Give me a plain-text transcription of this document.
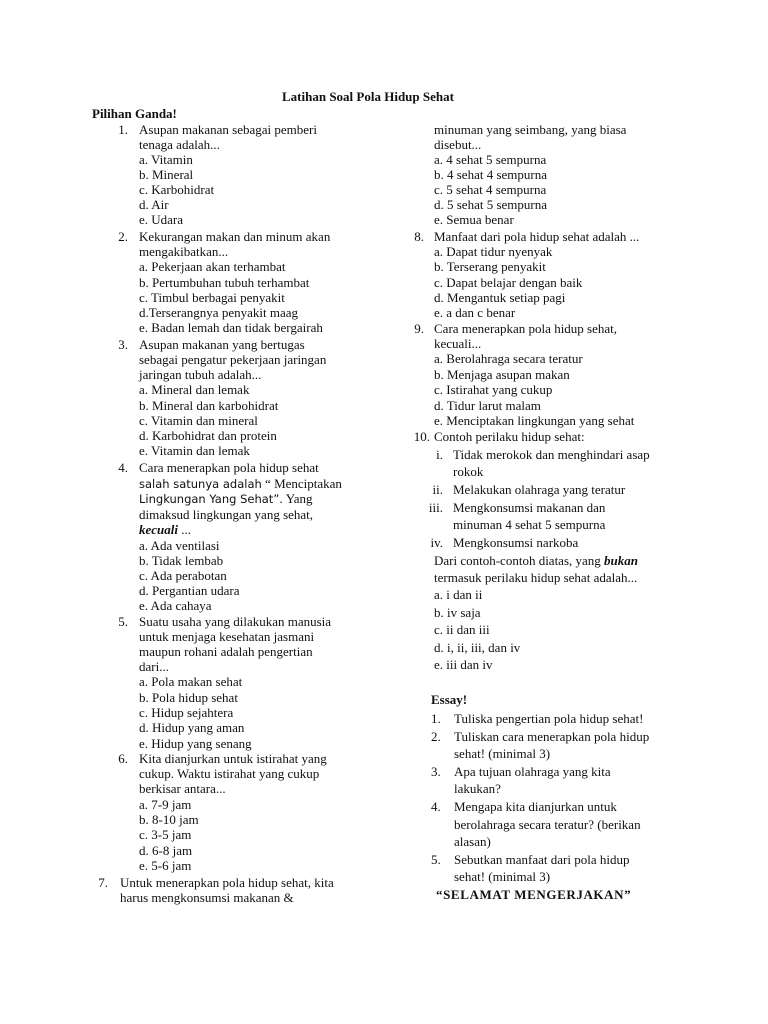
Latihan Soal Pola Hidup Sehat
Pilihan Ganda!
1. Asupan makanan sebagai pemberi
tenaga adalah...
a. Vitamin
b. Mineral
c. Karbohidrat
d. Air
e. Udara
2. Kekurangan makan dan minum akan
mengakibatkan...
a. Pekerjaan akan terhambat
b. Pertumbuhan tubuh terhambat
c. Timbul berbagai penyakit
d.Terserangnya penyakit maag
e. Badan lemah dan tidak bergairah
3. Asupan makanan yang bertugas
sebagai pengatur pekerjaan jaringan
jaringan tubuh adalah...
a. Mineral dan lemak
b. Mineral dan karbohidrat
c. Vitamin dan mineral
d. Karbohidrat dan protein
e. Vitamin dan lemak
4. Cara menerapkan pola hidup sehat
salah satunya adalah “ Menciptakan
Lingkungan Yang Sehat”. Yang
dimaksud lingkungan yang sehat,
kecuali ...
a. Ada ventilasi
b. Tidak lembab
c. Ada perabotan
d. Pergantian udara
e. Ada cahaya
5. Suatu usaha yang dilakukan manusia
untuk menjaga kesehatan jasmani
maupun rohani adalah pengertian
dari...
a. Pola makan sehat
b. Pola hidup sehat
c. Hidup sejahtera
d. Hidup yang aman
e. Hidup yang senang
6. Kita dianjurkan untuk istirahat yang
cukup. Waktu istirahat yang cukup
berkisar antara...
a. 7-9 jam
b. 8-10 jam
c. 3-5 jam
d. 6-8 jam
e. 5-6 jam
7. Untuk menerapkan pola hidup sehat, kita
harus mengkonsumsi makanan &
minuman yang seimbang, yang biasa
disebut...
a. 4 sehat 5 sempurna
b. 4 sehat 4 sempurna
c. 5 sehat 4 sempurna
d. 5 sehat 5 sempurna
e. Semua benar
8. Manfaat dari pola hidup sehat adalah ...
a. Dapat tidur nyenyak
b. Terserang penyakit
c. Dapat belajar dengan baik
d. Mengantuk setiap pagi
e. a dan c benar
9. Cara menerapkan pola hidup sehat,
kecuali...
a. Berolahraga secara teratur
b. Menjaga asupan makan
c. Istirahat yang cukup
d. Tidur larut malam
e. Menciptakan lingkungan yang sehat
10. Contoh perilaku hidup sehat:
i. Tidak merokok dan menghindari asap
rokok
ii. Melakukan olahraga yang teratur
iii. Mengkonsumsi makanan dan
minuman 4 sehat 5 sempurna
iv. Mengkonsumsi narkoba
Dari contoh-contoh diatas, yang bukan
termasuk perilaku hidup sehat adalah...
a. i dan ii
b. iv saja
c. ii dan iii
d. i, ii, iii, dan iv
e. iii dan iv
Essay!
1. Tuliska pengertian pola hidup sehat!
2. Tuliskan cara menerapkan pola hidup
sehat! (minimal 3)
3. Apa tujuan olahraga yang kita
lakukan?
4. Mengapa kita dianjurkan untuk
berolahraga secara teratur? (berikan
alasan)
5. Sebutkan manfaat dari pola hidup
sehat! (minimal 3)
“SELAMAT MENGERJAKAN”
